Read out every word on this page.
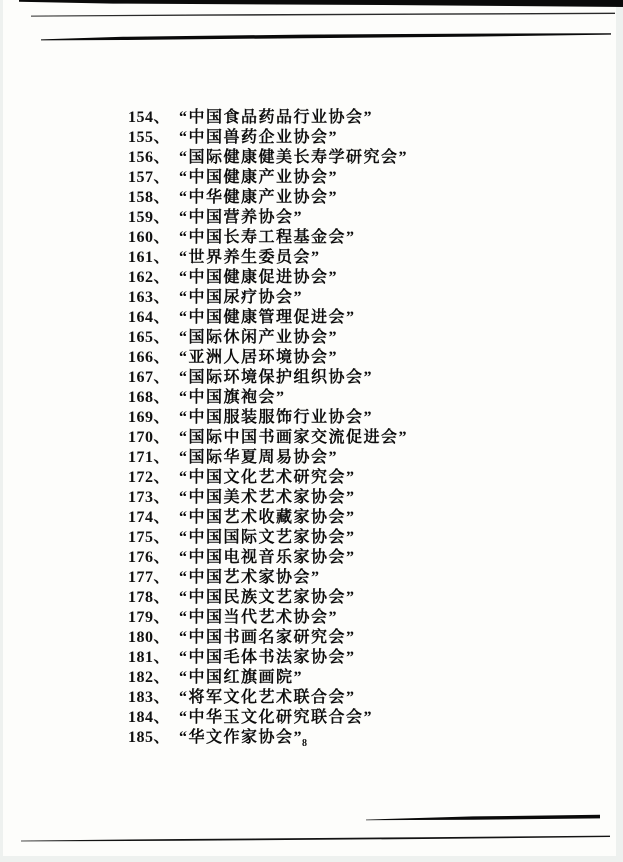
154、 “中国食品药品行业协会”
155、 “中国兽药企业协会”
156、 “国际健康健美长寿学研究会”
157、 “中国健康产业协会”
158、 “中华健康产业协会”
159、 “中国营养协会”
160、 “中国长寿工程基金会”
161、 “世界养生委员会”
162、 “中国健康促进协会”
163、 “中国尿疗协会”
164、 “中国健康管理促进会”
165、 “国际休闲产业协会”
166、 “亚洲人居环境协会”
167、 “国际环境保护组织协会”
168、 “中国旗袍会”
169、 “中国服装服饰行业协会”
170、 “国际中国书画家交流促进会”
171、 “国际华夏周易协会”
172、 “中国文化艺术研究会”
173、 “中国美术艺术家协会”
174、 “中国艺术收藏家协会”
175、 “中国国际文艺家协会”
176、 “中国电视音乐家协会”
177、 “中国艺术家协会”
178、 “中国民族文艺家协会”
179、 “中国当代艺术协会”
180、 “中国书画名家研究会”
181、 “中国毛体书法家协会”
182、 “中国红旗画院”
183、 “将军文化艺术联合会”
184、 “中华玉文化研究联合会”
185、 “华文作家协会”
8
